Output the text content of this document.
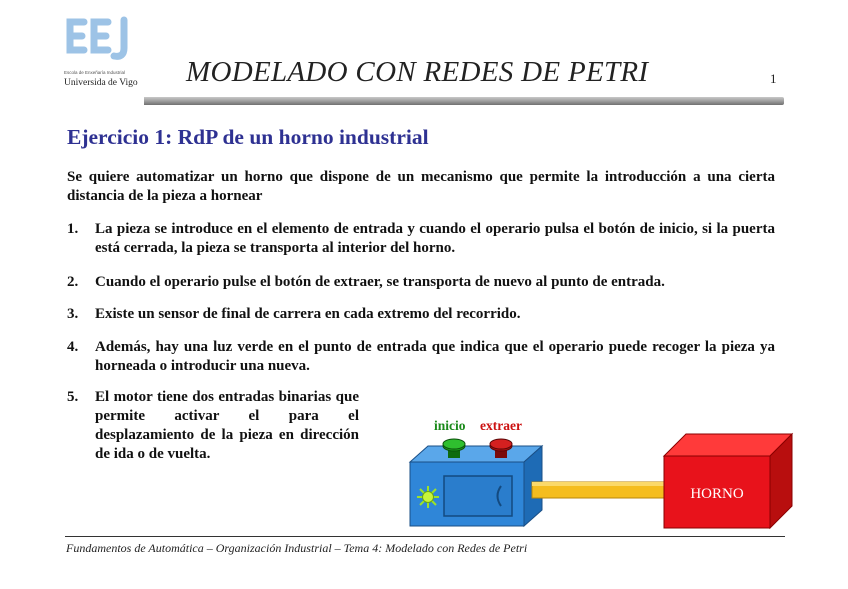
Escola de Enxeñaría Industrial
Universida de Vigo MODELADO CON REDES DE PETRI	1
Ejercicio 1: RdP de un horno industrial
Se quiere automatizar un horno que dispone de un mecanismo que permite la introducción a una cierta distancia de la pieza a hornear
1. La pieza se introduce en el elemento de entrada y cuando el operario pulsa el botón de inicio, si la puerta está cerrada, la pieza se transporta al interior del horno.
2. Cuando el operario pulse el botón de extraer, se transporta de nuevo al punto de entrada.
3. Existe un sensor de final de carrera en cada extremo del recorrido.
4. Además, hay una luz verde en el punto de entrada que indica que el operario puede recoger la pieza ya horneada o introducir una nueva.
5. El motor tiene dos entradas binarias que permite activar el para el desplazamiento de la pieza en dirección de ida o de vuelta.
inicio extraer
HORNO
Fundamentos de Automática – Organización Industrial – Tema 4: Modelado con Redes de Petri
